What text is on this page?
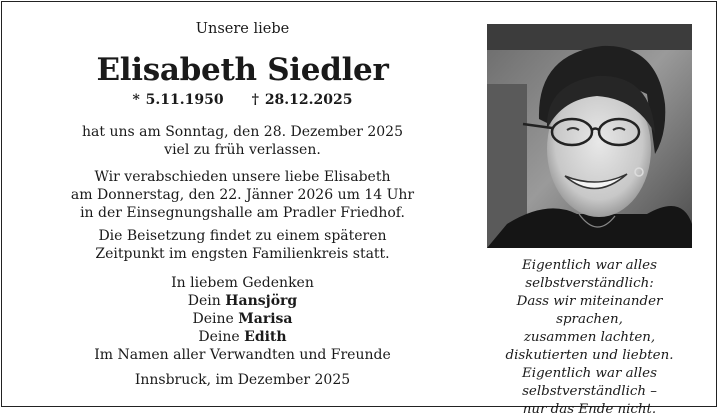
Unsere liebe
Elisabeth Siedler
* 5.11.1950 † 28.12.2025
hat uns am Sonntag, den 28. Dezember 2025
viel zu früh verlassen.
Wir verabschieden unsere liebe Elisabeth
am Donnerstag, den 22. Jänner 2026 um 14 Uhr
in der Einsegnungshalle am Pradler Friedhof.
Die Beisetzung findet zu einem späteren
Zeitpunkt im engsten Familienkreis statt.
In liebem Gedenken
Dein Hansjörg
Deine Marisa
Deine Edith
Im Namen aller Verwandten und Freunde
Innsbruck, im Dezember 2025
Eigentlich war alles
selbstverständlich:
Dass wir miteinander sprachen,
zusammen lachten,
diskutierten und liebten.
Eigentlich war alles
selbstverständlich –
nur das Ende nicht.
